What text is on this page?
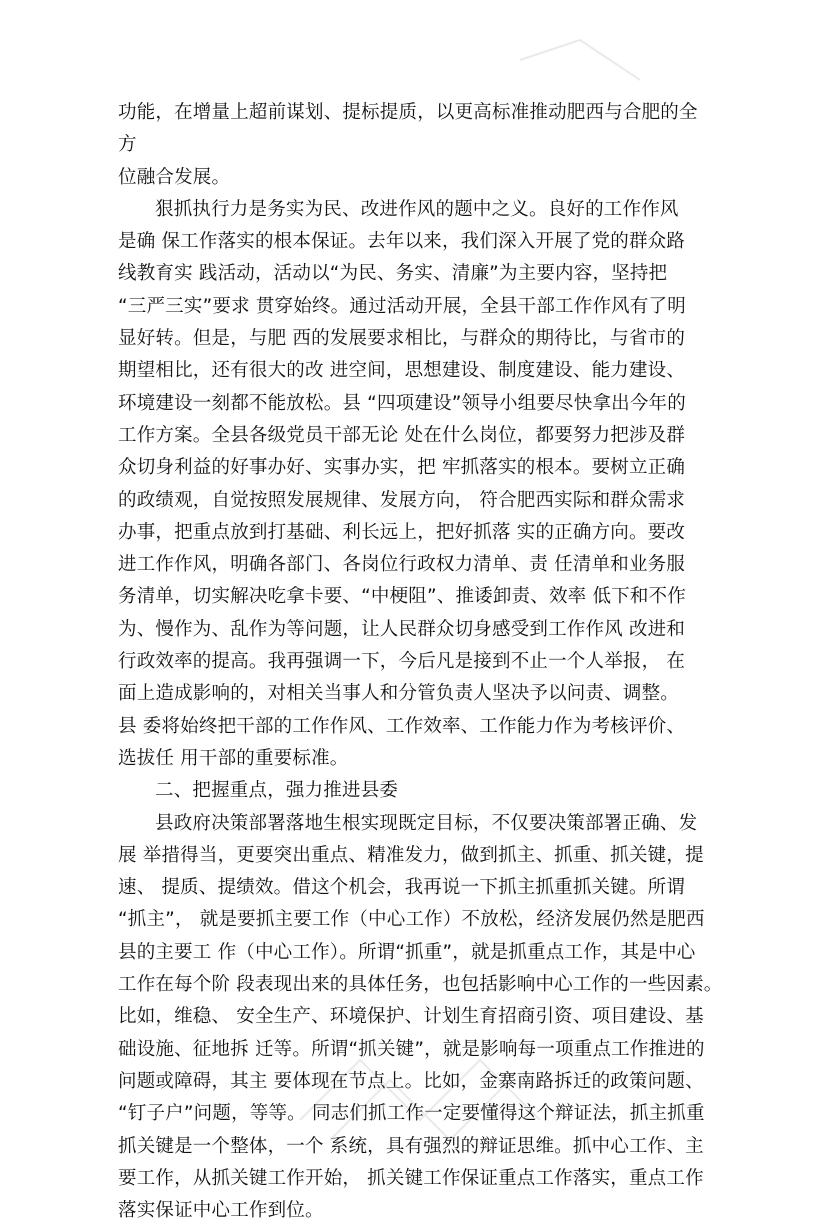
功能，在增量上超前谋划、提标提质，以更高标准推动肥西与合肥的全
方
位融合发展。
狠抓执行力是务实为民、改进作风的题中之义。良好的工作作风
是确 保工作落实的根本保证。去年以来，我们深入开展了党的群众路
线教育实 践活动，活动以“为民、务实、清廉”为主要内容，坚持把
“三严三实”要求 贯穿始终。通过活动开展，全县干部工作作风有了明
显好转。但是，与肥 西的发展要求相比，与群众的期待比，与省市的
期望相比，还有很大的改 进空间，思想建设、制度建设、能力建设、
环境建设一刻都不能放松。县 “四项建设”领导小组要尽快拿出今年的
工作方案。全县各级党员干部无论 处在什么岗位，都要努力把涉及群
众切身利益的好事办好、实事办实，把 牢抓落实的根本。要树立正确
的政绩观，自觉按照发展规律、发展方向， 符合肥西实际和群众需求
办事，把重点放到打基础、利长远上，把好抓落 实的正确方向。要改
进工作作风，明确各部门、各岗位行政权力清单、责 任清单和业务服
务清单，切实解决吃拿卡要、“中梗阻”、推诿卸责、效率 低下和不作
为、慢作为、乱作为等问题，让人民群众切身感受到工作作风 改进和
行政效率的提高。我再强调一下，今后凡是接到不止一个人举报， 在
面上造成影响的，对相关当事人和分管负责人坚决予以问责、调整。
县 委将始终把干部的工作作风、工作效率、工作能力作为考核评价、
选拔任 用干部的重要标准。
二、把握重点，强力推进县委
县政府决策部署落地生根实现既定目标，不仅要决策部署正确、发
展 举措得当，更要突出重点、精准发力，做到抓主、抓重、抓关键，提
速、 提质、提绩效。借这个机会，我再说一下抓主抓重抓关键。所谓
“抓主”， 就是要抓主要工作（中心工作）不放松，经济发展仍然是肥西
县的主要工 作（中心工作）。所谓“抓重”，就是抓重点工作，其是中心
工作在每个阶 段表现出来的具体任务，也包括影响中心工作的一些因素。
比如，维稳、 安全生产、环境保护、计划生育招商引资、项目建设、基
础设施、征地拆 迁等。所谓“抓关键”，就是影响每一项重点工作推进的
问题或障碍，其主 要体现在节点上。比如，金寨南路拆迁的政策问题、
“钉子户”问题，等等。 同志们抓工作一定要懂得这个辩证法，抓主抓重
抓关键是一个整体，一个 系统，具有强烈的辩证思维。抓中心工作、主
要工作，从抓关键工作开始， 抓关键工作保证重点工作落实，重点工作
落实保证中心工作到位。
